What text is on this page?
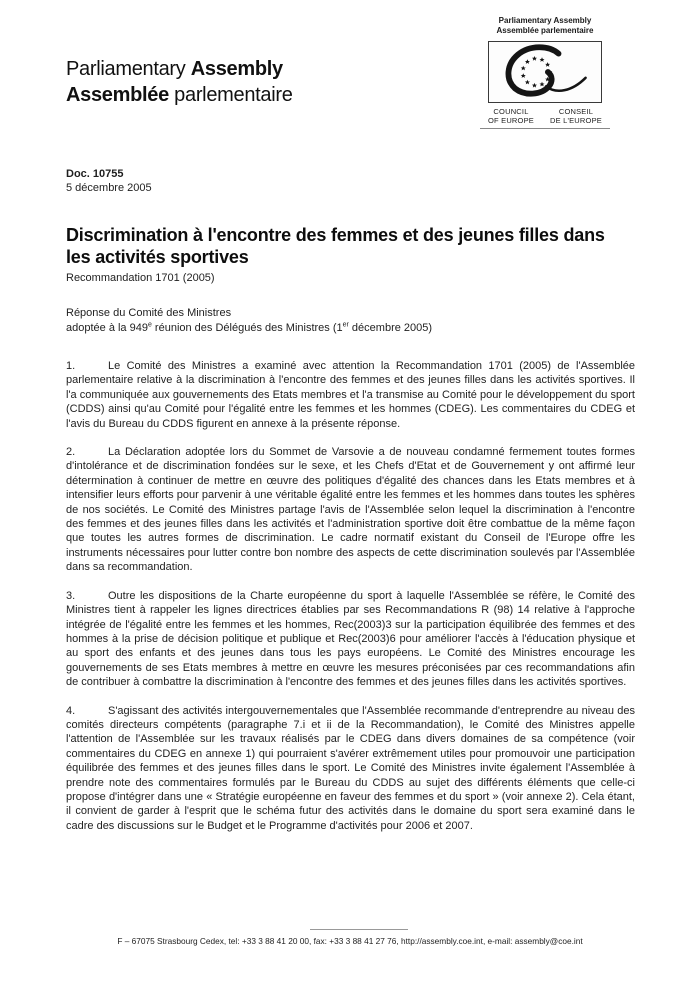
Parliamentary Assembly
Assemblée parlementaire
Parliamentary Assembly
Assemblée parlementaire
COUNCIL
OF EUROPE
CONSEIL
DE L'EUROPE
Doc. 10755
5 décembre 2005
Discrimination à l'encontre des femmes et des jeunes filles dans les activités sportives
Recommandation 1701 (2005)
Réponse du Comité des Ministres
adoptée à la 949e réunion des Délégués des Ministres (1er décembre 2005)

1.	Le Comité des Ministres a examiné avec attention la Recommandation 1701 (2005) de l'Assemblée parlementaire relative à la discrimination à l'encontre des femmes et des jeunes filles dans les activités sportives. Il l'a communiquée aux gouvernements des Etats membres et l'a transmise au Comité pour le développement du sport (CDDS) ainsi qu'au Comité pour l'égalité entre les femmes et les hommes (CDEG). Les commentaires du CDEG et l'avis du Bureau du CDDS figurent en annexe à la présente réponse.

2.	La Déclaration adoptée lors du Sommet de Varsovie a de nouveau condamné fermement toutes formes d'intolérance et de discrimination fondées sur le sexe, et les Chefs d'Etat et de Gouvernement y ont affirmé leur détermination à continuer de mettre en œuvre des politiques d'égalité des chances dans les Etats membres et à intensifier leurs efforts pour parvenir à une véritable égalité entre les femmes et les hommes dans toutes les sphères de nos sociétés. Le Comité des Ministres partage l'avis de l'Assemblée selon lequel la discrimination à l'encontre des femmes et des jeunes filles dans les activités et l'administration sportive doit être combattue de la même façon que toutes les autres formes de discrimination. Le cadre normatif existant du Conseil de l'Europe offre les instruments nécessaires pour lutter contre bon nombre des aspects de cette discrimination soulevés par l'Assemblée dans sa recommandation.

3.	Outre les dispositions de la Charte européenne du sport à laquelle l'Assemblée se réfère, le Comité des Ministres tient à rappeler les lignes directrices établies par ses Recommandations R (98) 14 relative à l'approche intégrée de l'égalité entre les femmes et les hommes, Rec(2003)3 sur la participation équilibrée des femmes et des hommes à la prise de décision politique et publique et Rec(2003)6 pour améliorer l'accès à l'éducation physique et au sport des enfants et des jeunes dans tous les pays européens. Le Comité des Ministres encourage les gouvernements de ses Etats membres à mettre en œuvre les mesures préconisées par ces recommandations afin de contribuer à combattre la discrimination à l'encontre des femmes et des jeunes filles dans les activités sportives.

4.	S'agissant des activités intergouvernementales que l'Assemblée recommande d'entreprendre au niveau des comités directeurs compétents (paragraphe 7.i et ii de la Recommandation), le Comité des Ministres appelle l'attention de l'Assemblée sur les travaux réalisés par le CDEG dans divers domaines de sa compétence (voir commentaires du CDEG en annexe 1) qui pourraient s'avérer extrêmement utiles pour promouvoir une participation équilibrée des femmes et des jeunes filles dans le sport. Le Comité des Ministres invite également l'Assemblée à prendre note des commentaires formulés par le Bureau du CDDS au sujet des différents éléments que celle-ci propose d'intégrer dans une « Stratégie européenne en faveur des femmes et du sport » (voir annexe 2). Cela étant, il convient de garder à l'esprit que le schéma futur des activités dans le domaine du sport sera examiné dans le cadre des discussions sur le Budget et le Programme d'activités pour 2006 et 2007.

F – 67075 Strasbourg Cedex, tel: +33 3 88 41 20 00, fax: +33 3 88 41 27 76, http://assembly.coe.int, e-mail: assembly@coe.int
